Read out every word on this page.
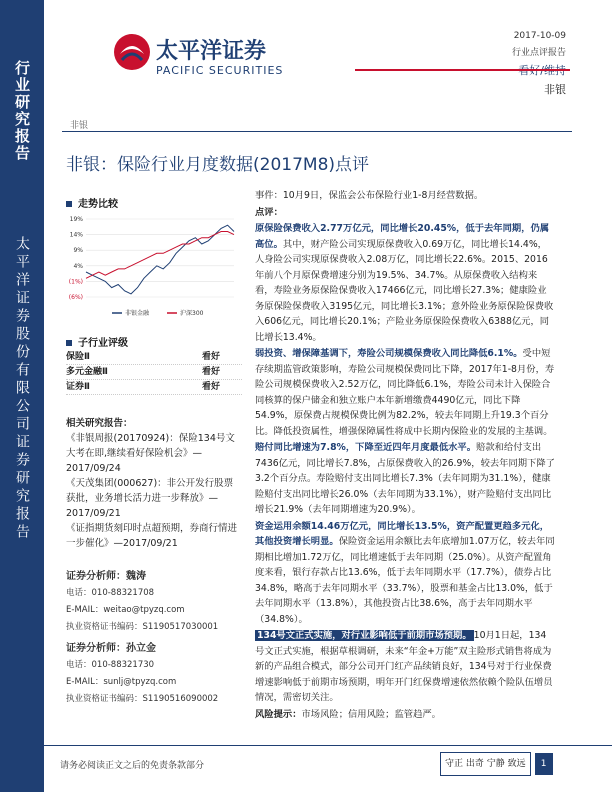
行业研究报告
太平洋证券股份有限公司证券研究报告
太平洋证券
PACIFIC SECURITIES
2017-10-09
行业点评报告
非银
非银
非银：保险行业月度数据(2017M8)点评
走势比较
19%
14%
9%
4%
(1%)
(6%)
非银金融	沪深300
子行业评级
保险Ⅱ	看好
多元金融Ⅱ	看好
证券Ⅱ	看好

相关研究报告：

《非银周报(20170924)：保险134号文大考在即,继续看好保险机会》—2017/09/24

《天茂集团(000627)：非公开发行股票获批，业务增长活力进一步释放》—2017/09/21

《证指期货刻印时点超预期，券商行情进一步催化》—2017/09/21

证券分析师：魏涛
电话：010-88321708
E-MAIL：weitao@tpyzq.com
执业资格证书编码：S1190517030001
证券分析师：孙立金
电话：010-88321730
E-MAIL：sunlj@tpyzq.com
执业资格证书编码：S1190516090002

事件：10月9日，保监会公布保险行业1-8月经营数据。

点评：

原保险保费收入2.77万亿元，同比增长20.45%，低于去年同期，仍属高位。其中，财产险公司实现原保费收入0.69万亿，同比增长14.4%，人身险公司实现原保费收入2.08万亿，同比增长22.6%。2015、2016年前八个月原保费增速分别为19.5%、34.7%。从原保费收入结构来看，寿险业务原保险保费收入17466亿元，同比增长27.3%；健康险业务原保险保费收入3195亿元，同比增长3.1%；意外险业务原保险保费收入606亿元，同比增长20.1%；产险业务原保险保费收入6388亿元，同比增长13.4%。

弱投资、增保障基调下，寿险公司规模保费收入同比降低6.1%。受中短存续期监管政策影响，寿险公司规模保费同比下降，2017年1-8月份，寿险公司规模保费收入2.52万亿，同比降低6.1%，寿险公司未计入保险合同核算的保户储金和独立账户本年新增缴费4490亿元，同比下降54.9%，原保费占规模保费比例为82.2%，较去年同期上升19.3个百分比。降低投资属性，增强保障属性将成中长期内保险业的发展的主基调。

赔付同比增速为7.8%，下降至近四年月度最低水平。赔款和给付支出7436亿元，同比增长7.8%，占原保费收入的26.9%，较去年同期下降了3.2个百分点。寿险赔付支出同比增长7.3%（去年同期为31.1%），健康险赔付支出同比增长26.0%（去年同期为33.1%），财产险赔付支出同比增长21.9%（去年同期增速为20.9%）。

资金运用余额14.46万亿元，同比增长13.5%，资产配置更趋多元化，其他投资增长明显。保险资金运用余额比去年底增加1.07万亿，较去年同期相比增加1.72万亿，同比增速低于去年同期（25.0%）。从资产配置角度来看，银行存款占比13.6%，低于去年同期水平（17.7%），债券占比34.8%，略高于去年同期水平（33.7%），股票和基金占比13.0%，低于去年同期水平（13.8%），其他投资占比38.6%，高于去年同期水平（34.8%）。

134号文正式实施，对行业影响低于前期市场预期。 10月1日起，134号文正式实施，根据草根调研，未来“年金+万能”双主险形式销售将成为新的产品组合模式，部分公司开门红产品续销良好，134号对于行业保费增速影响低于前期市场预期，明年开门红保费增速依然依赖个险队伍增员情况，需密切关注。

风险提示：市场风险；信用风险；监管趋严。

请务必阅读正文之后的免责条款部分	守正 出奇 宁静 致远 1
